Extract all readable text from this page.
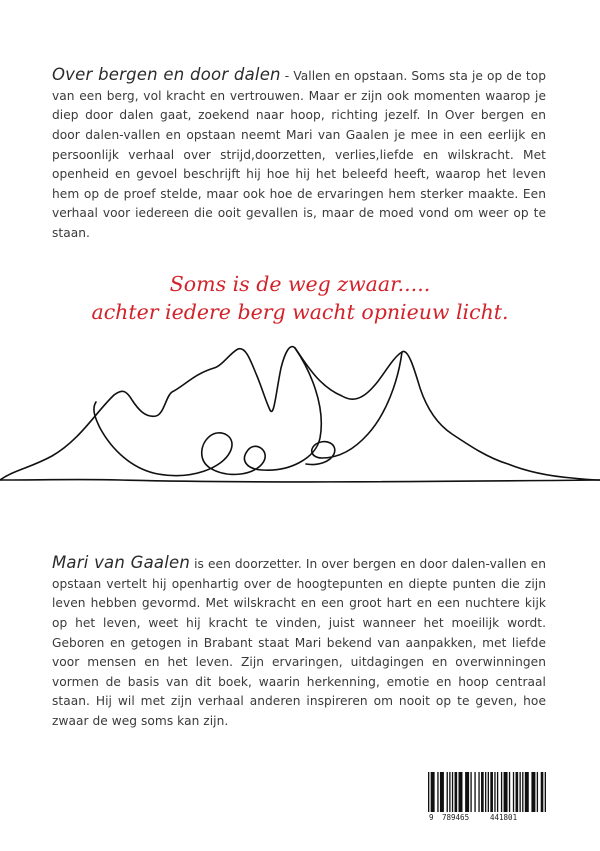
Over bergen en door dalen - Vallen en opstaan. Soms sta je op de top van een berg, vol kracht en vertrouwen. Maar er zijn ook momenten waarop je diep door dalen gaat, zoekend naar hoop, richting jezelf. In Over bergen en door dalen-vallen en opstaan neemt Mari van Gaalen je mee in een eerlijk en persoonlijk verhaal over strijd,doorzetten, verlies,liefde en wilskracht. Met openheid en gevoel beschrijft hij hoe hij het beleefd heeft, waarop het leven hem op de proef stelde, maar ook hoe de ervaringen hem sterker maakte. Een verhaal voor iedereen die ooit gevallen is, maar de moed vond om weer op te staan.

Soms is de weg zwaar.....
achter iedere berg wacht opnieuw licht.

Mari van Gaalen is een doorzetter. In over bergen en door dalen-vallen en opstaan vertelt hij openhartig over de hoogtepunten en diepte punten die zijn leven hebben gevormd. Met wilskracht en een groot hart en een nuchtere kijk op het leven, weet hij kracht te vinden, juist wanneer het moeilijk wordt. Geboren en getogen in Brabant staat Mari bekend van aanpakken, met liefde voor mensen en het leven. Zijn ervaringen, uitdagingen en overwinningen vormen de basis van dit boek, waarin herkenning, emotie en hoop centraal staan. Hij wil met zijn verhaal anderen inspireren om nooit op te geven, hoe zwaar de weg soms kan zijn.

9 789465	441801
